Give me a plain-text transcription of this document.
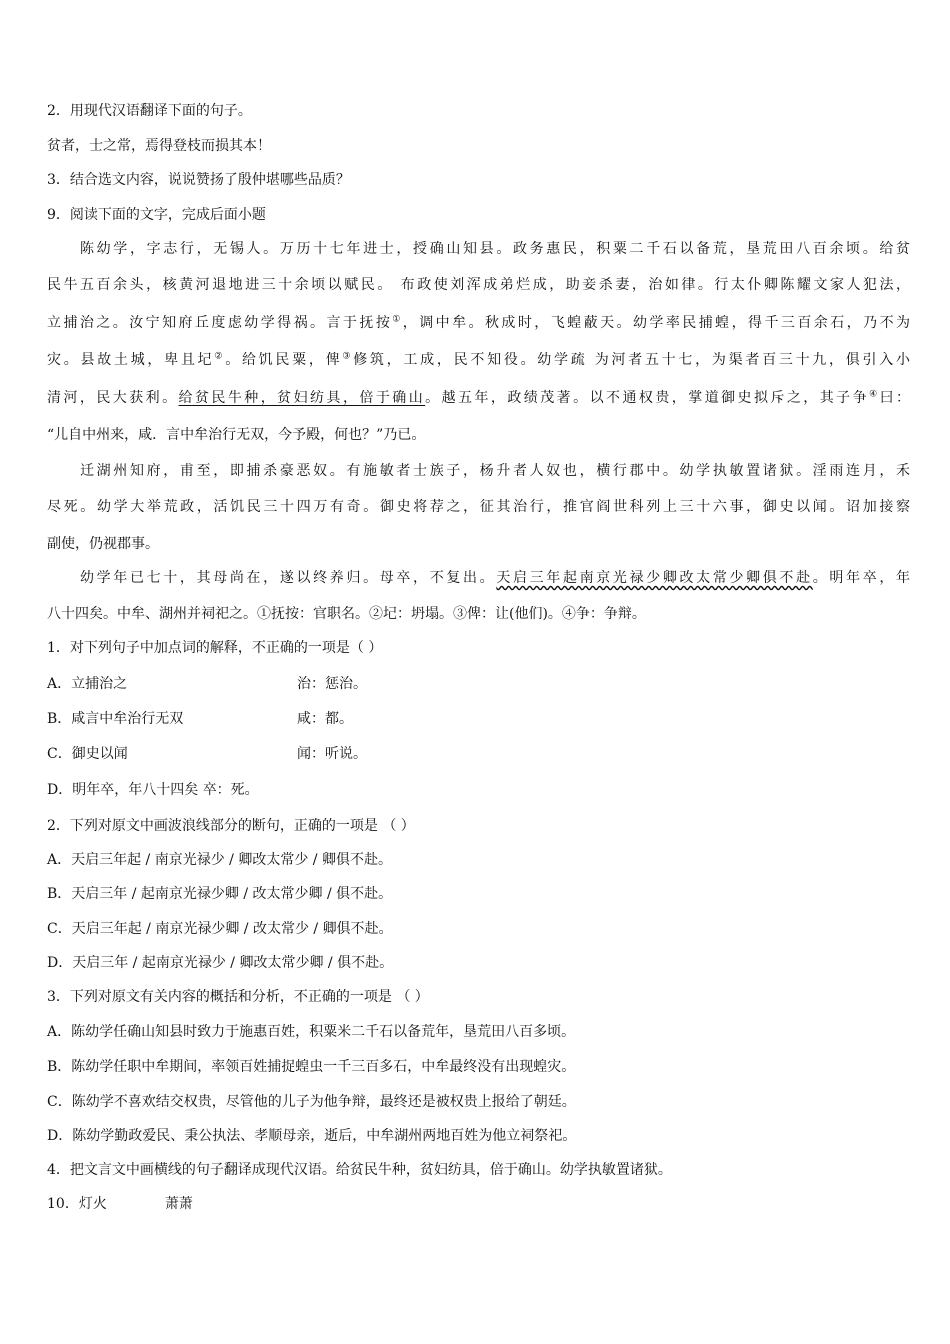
2．用现代汉语翻译下面的句子。
贫者，士之常，焉得登枝而损其本！
3．结合选文内容，说说赞扬了殷仲堪哪些品质？
9．阅读下面的文字，完成后面小题
陈幼学，字志行，无锡人。万历十七年进士，授确山知县。政务惠民，积粟二千石以备荒，垦荒田八百余顷。给贫
民牛五百余头，核黄河退地进三十余顷以赋民。 布政使刘浑成弟烂成，助妾杀妻，治如律。行太仆卿陈耀文家人犯法，
立捕治之。汝宁知府丘度虑幼学得祸。言于抚按①，调中牟。秋成时，飞蝗蔽天。幼学率民捕蝗，得千三百余石，乃不为
灾。县故土城，卑且圮②。给饥民粟，俾③修筑，工成，民不知役。幼学疏 为河者五十七，为渠者百三十九，俱引入小
清河，民大获利。给贫民牛种，贫妇纺具，倍于确山。越五年，政绩茂著。以不通权贵，掌道御史拟斥之，其子争④曰：
“儿自中州来，咸．言中牟治行无双，今予殿，何也？”乃已。
迁湖州知府，甫至，即捕杀豪恶奴。有施敏者士族子，杨升者人奴也，横行郡中。幼学执敏置诸狱。淫雨连月，禾
尽死。幼学大举荒政，活饥民三十四万有奇。御史将荐之，征其治行，推官阎世科列上三十六事，御史以闻。诏加接察
副使，仍视郡事。
幼学年已七十，其母尚在，遂以终养归。母卒，不复出。天启三年起南京光禄少卿改太常少卿俱不赴。明年卒，年
八十四矣。中牟、湖州并祠祀之。①抚按：官职名。②圮：坍塌。③俾：让(他们)。④争：争辩。
1．对下列句子中加点词的解释，不正确的一项是（ ）
A．立捕治之	治：惩治。
B．咸言中牟治行无双	咸：都。
C．御史以闻	闻：听说。
D．明年卒，年八十四矣 卒：死。
2．下列对原文中画波浪线部分的断句，正确的一项是 （ ）
A．天启三年起 / 南京光禄少 / 卿改太常少 / 卿俱不赴。
B．天启三年 / 起南京光禄少卿 / 改太常少卿 / 俱不赴。
C．天启三年起 / 南京光禄少卿 / 改太常少 / 卿俱不赴。
D．天启三年 / 起南京光禄少 / 卿改太常少卿 / 俱不赴。
3．下列对原文有关内容的概括和分析，不正确的一项是 （ ）
A．陈幼学任确山知县时致力于施惠百姓，积粟米二千石以备荒年，垦荒田八百多顷。
B．陈幼学任职中牟期间，率领百姓捕捉蝗虫一千三百多石，中牟最终没有出现蝗灾。
C．陈幼学不喜欢结交权贵，尽管他的儿子为他争辩，最终还是被权贵上报给了朝廷。
D．陈幼学勤政爱民、秉公执法、孝顺母亲，逝后，中牟湖州两地百姓为他立祠祭祀。
4．把文言文中画横线的句子翻译成现代汉语。给贫民牛种，贫妇纺具，倍于确山。幼学执敏置诸狱。
10．灯火	萧萧
